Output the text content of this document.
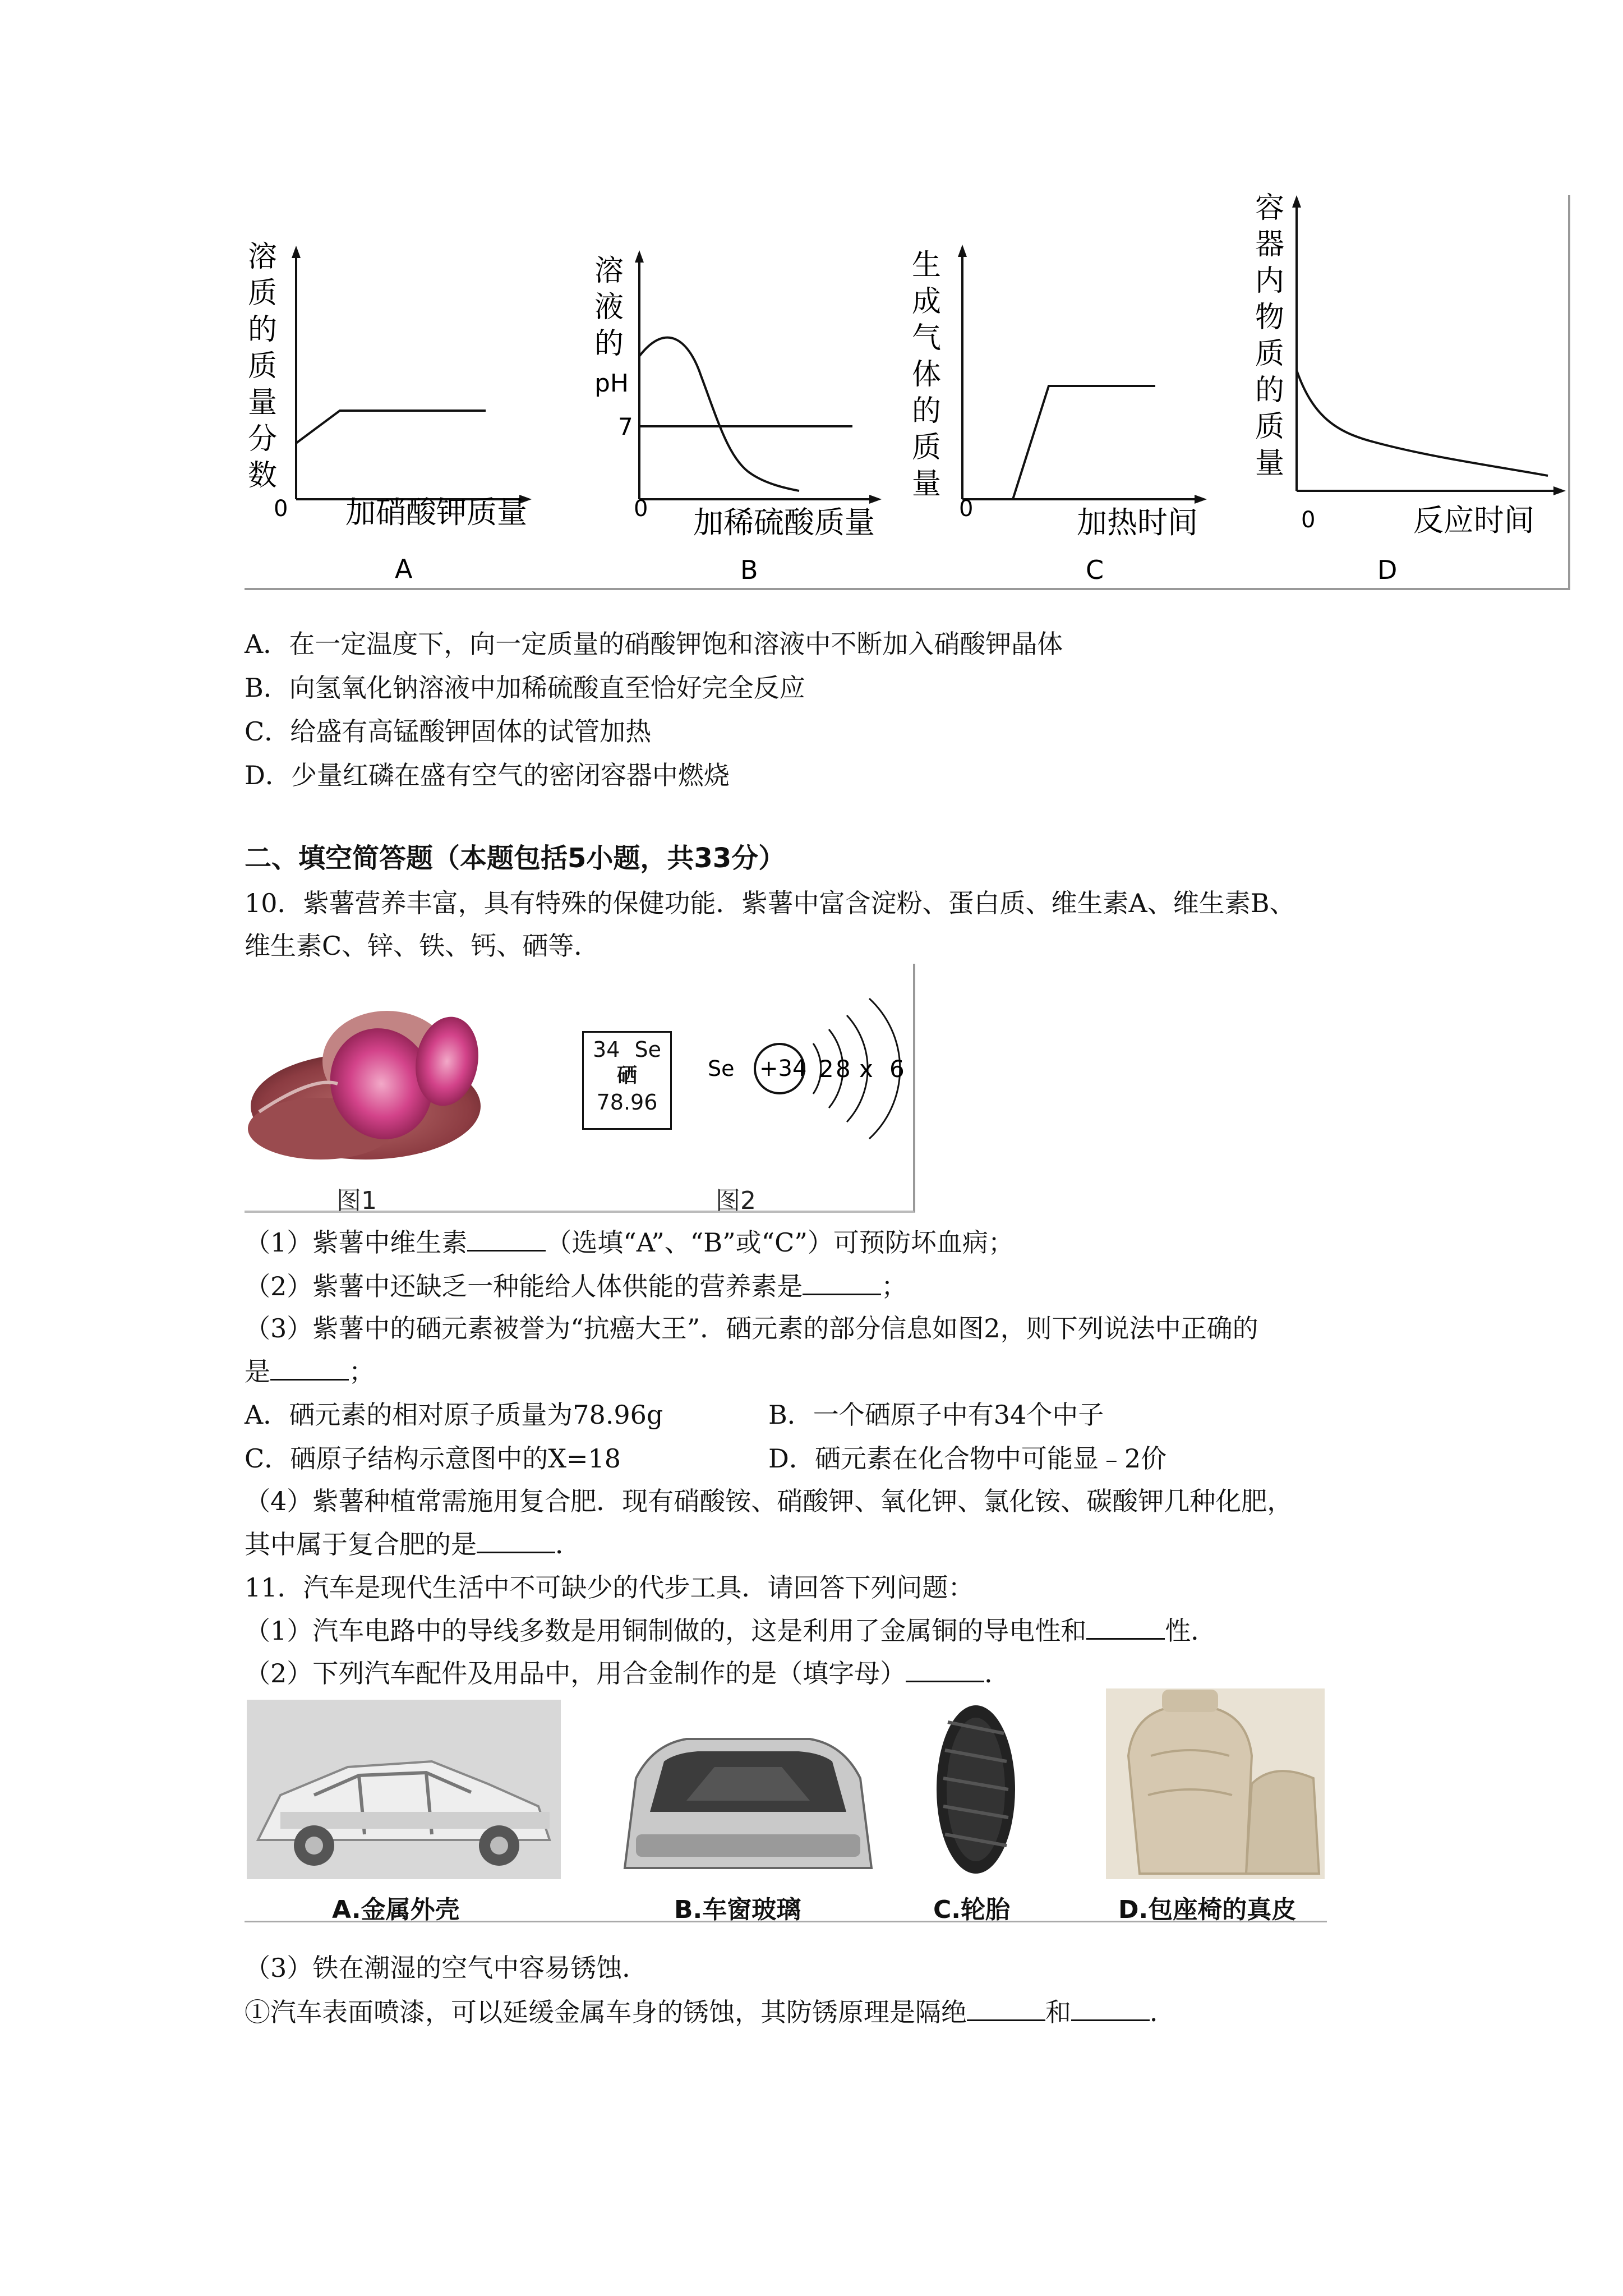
0 加硝酸钾质量
A
溶质的 质量分数
7
0 加稀硫酸质量
B
溶液的 pH
0	加热时间
C
生成气 体的质量
0	反应时间
D
容器内物 质的质量
A．在一定温度下，向一定质量的硝酸钾饱和溶液中不断加入硝酸钾晶体
B．向氢氧化钠溶液中加稀硫酸直至恰好完全反应
C．给盛有高锰酸钾固体的试管加热
D．少量红磷在盛有空气的密闭容器中燃烧
二、填空简答题（本题包括5小题，共33分）
10．紫薯营养丰富，具有特殊的保健功能．紫薯中富含淀粉、蛋白质、维生素A、维生素B、
维生素C、锌、铁、钙、硒等．
图1
34 Se
硒
78.96
Se +34 2 8 x 6
图2
（1）紫薯中维生素	（选填“A”、“B”或“C”）可预防坏血病；
（2）紫薯中还缺乏一种能给人体供能的营养素是	；
（3）紫薯中的硒元素被誉为“抗癌大王”．硒元素的部分信息如图2，则下列说法中正确的
是	；
A．硒元素的相对原子质量为78.96g	B．一个硒原子中有34个中子
C．硒原子结构示意图中的X=18	D．硒元素在化合物中可能显﹣2价
（4）紫薯种植常需施用复合肥．现有硝酸铵、硝酸钾、氧化钾、氯化铵、碳酸钾几种化肥，
其中属于复合肥的是	．
11．汽车是现代生活中不可缺少的代步工具．请回答下列问题：
（1）汽车电路中的导线多数是用铜制做的，这是利用了金属铜的导电性和	性．
（2）下列汽车配件及用品中，用合金制作的是（填字母）	．
A.金属外壳	B.车窗玻璃	C.轮胎	D.包座椅的真皮
（3）铁在潮湿的空气中容易锈蚀．
①汽车表面喷漆，可以延缓金属车身的锈蚀，其防锈原理是隔绝	和	．
